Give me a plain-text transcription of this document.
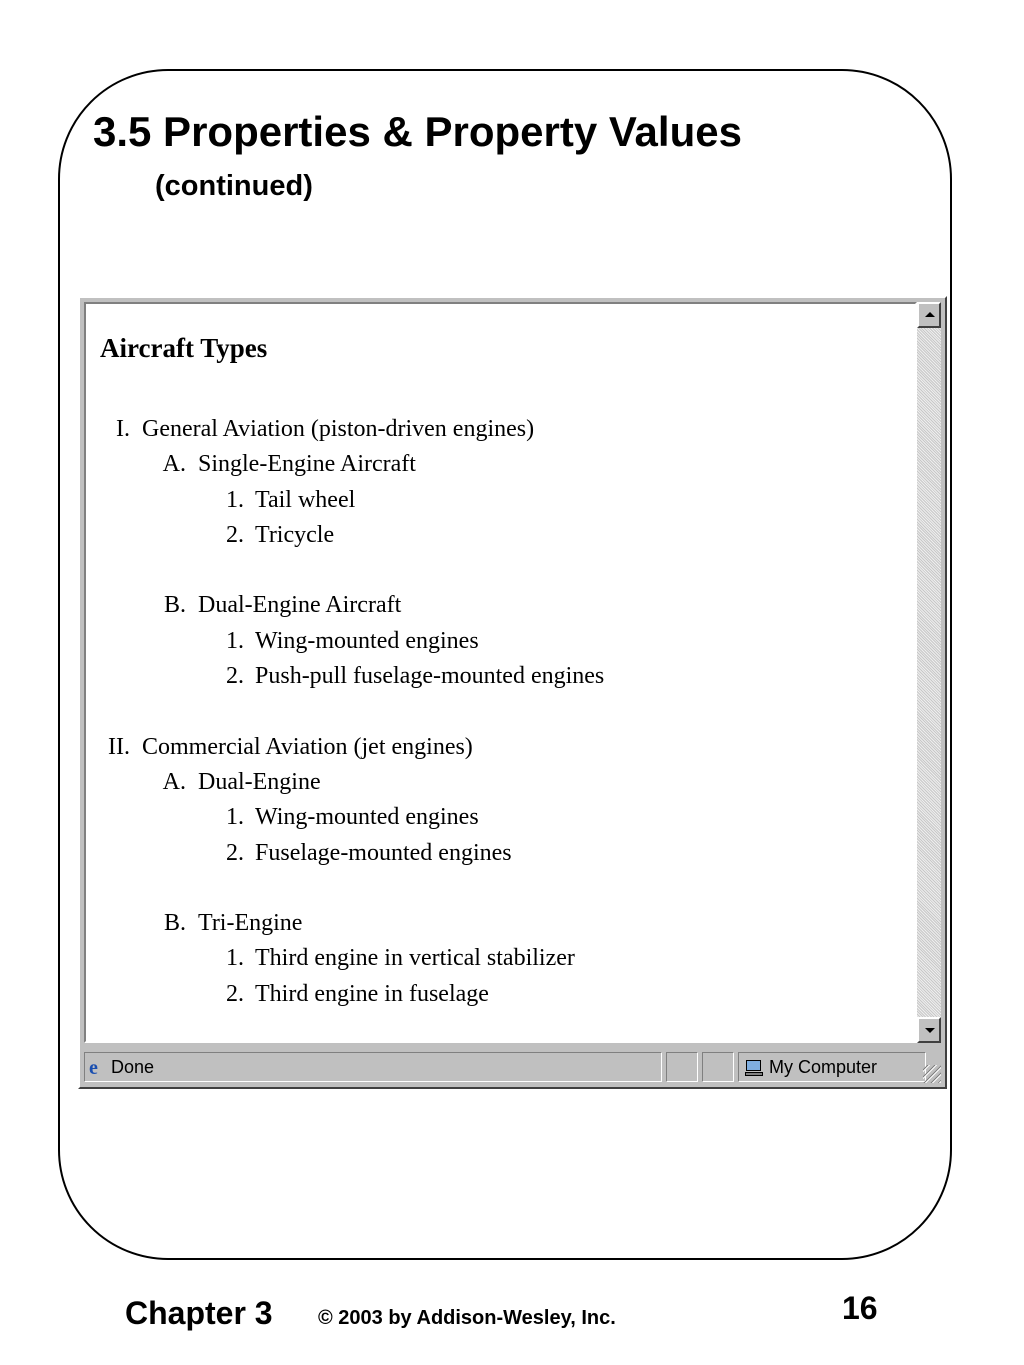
3.5 Properties & Property Values
(continued)
Aircraft Types
I. General Aviation (piston-driven engines)
A. Single-Engine Aircraft
1. Tail wheel
2. Tricycle
B. Dual-Engine Aircraft
1. Wing-mounted engines
2. Push-pull fuselage-mounted engines
II. Commercial Aviation (jet engines)
A. Dual-Engine
1. Wing-mounted engines
2. Fuselage-mounted engines
B. Tri-Engine
1. Third engine in vertical stabilizer
2. Third engine in fuselage
e Done	My Computer
Chapter 3 © 2003 by Addison-Wesley, Inc.	16
